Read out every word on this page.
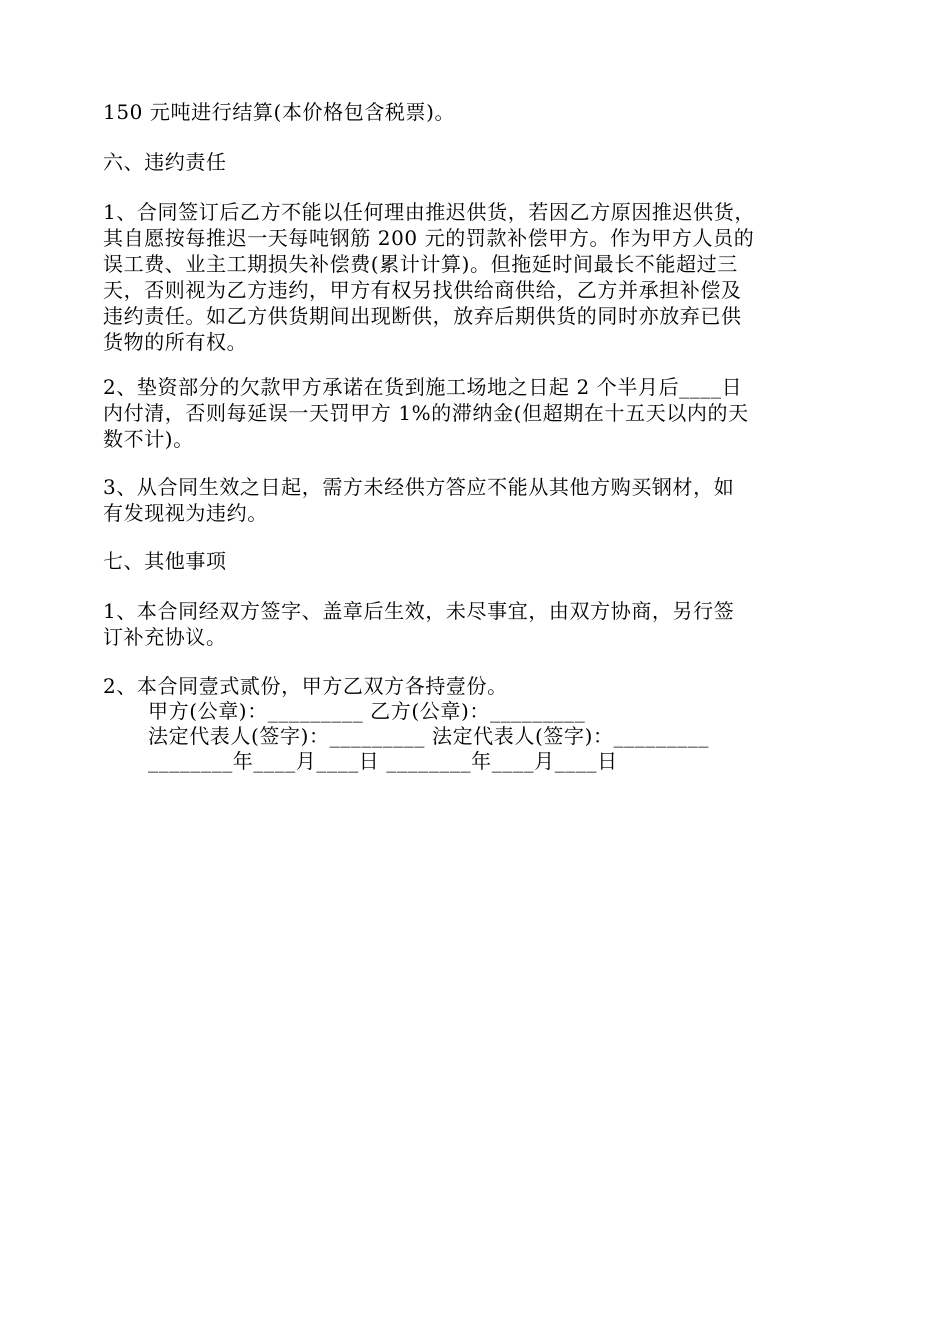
150 元吨进行结算(本价格包含税票)。
六、违约责任
1、合同签订后乙方不能以任何理由推迟供货，若因乙方原因推迟供货，
其自愿按每推迟一天每吨钢筋 200 元的罚款补偿甲方。作为甲方人员的
误工费、业主工期损失补偿费(累计计算)。但拖延时间最长不能超过三
天，否则视为乙方违约，甲方有权另找供给商供给，乙方并承担补偿及
违约责任。如乙方供货期间出现断供，放弃后期供货的同时亦放弃已供
货物的所有权。
2、垫资部分的欠款甲方承诺在货到施工场地之日起 2 个半月后____日
内付清，否则每延误一天罚甲方 1%的滞纳金(但超期在十五天以内的天
数不计)。
3、从合同生效之日起，需方未经供方答应不能从其他方购买钢材，如
有发现视为违约。
七、其他事项
1、本合同经双方签字、盖章后生效，未尽事宜，由双方协商，另行签
订补充协议。
2、本合同壹式贰份，甲方乙双方各持壹份。
甲方(公章)：_________ 乙方(公章)：_________
法定代表人(签字)：_________ 法定代表人(签字)：_________
________年____月____日 ________年____月____日
